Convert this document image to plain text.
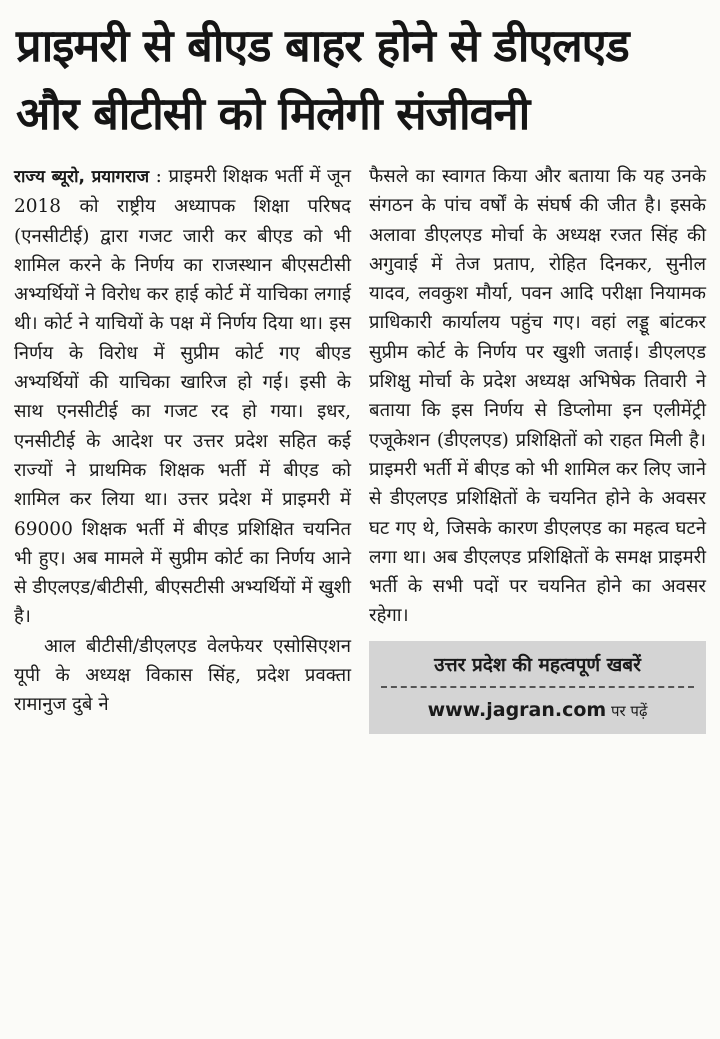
प्राइमरी से बीएड बाहर होने से डीएलएड
और बीटीसी को मिलेगी संजीवनी

राज्य ब्यूरो, प्रयागराज : प्राइमरी शिक्षक भर्ती में जून 2018 को राष्ट्रीय अध्यापक शिक्षा परिषद (एनसीटीई) द्वारा गजट जारी कर बीएड को भी शामिल करने के निर्णय का राजस्थान बीएसटीसी अभ्यर्थियों ने विरोध कर हाई कोर्ट में याचिका लगाई थी। कोर्ट ने याचियों के पक्ष में निर्णय दिया था। इस निर्णय के विरोध में सुप्रीम कोर्ट गए बीएड अभ्यर्थियों की याचिका खारिज हो गई। इसी के साथ एनसीटीई का गजट रद हो गया। इधर, एनसीटीई के आदेश पर उत्तर प्रदेश सहित कई राज्यों ने प्राथमिक शिक्षक भर्ती में बीएड को शामिल कर लिया था। उत्तर प्रदेश में प्राइमरी में 69000 शिक्षक भर्ती में बीएड प्रशिक्षित चयनित भी हुए। अब मामले में सुप्रीम कोर्ट का निर्णय आने से डीएलएड/बीटीसी, बीएसटीसी अभ्यर्थियों में खुशी है।

आल बीटीसी/डीएलएड वेलफेयर एसोसिएशन यूपी के अध्यक्ष विकास सिंह, प्रदेश प्रवक्ता रामानुज दुबे ने

फैसले का स्वागत किया और बताया कि यह उनके संगठन के पांच वर्षों के संघर्ष की जीत है। इसके अलावा डीएलएड मोर्चा के अध्यक्ष रजत सिंह की अगुवाई में तेज प्रताप, रोहित दिनकर, सुनील यादव, लवकुश मौर्या, पवन आदि परीक्षा नियामक प्राधिकारी कार्यालय पहुंच गए। वहां लड्डू बांटकर सुप्रीम कोर्ट के निर्णय पर खुशी जताई। डीएलएड प्रशिक्षु मोर्चा के प्रदेश अध्यक्ष अभिषेक तिवारी ने बताया कि इस निर्णय से डिप्लोमा इन एलीमेंट्री एजूकेशन (डीएलएड) प्रशिक्षितों को राहत मिली है। प्राइमरी भर्ती में बीएड को भी शामिल कर लिए जाने से डीएलएड प्रशिक्षितों के चयनित होने के अवसर घट गए थे, जिसके कारण डीएलएड का महत्व घटने लगा था। अब डीएलएड प्रशिक्षितों के समक्ष प्राइमरी भर्ती के सभी पदों पर चयनित होने का अवसर रहेगा।

उत्तर प्रदेश की महत्वपूर्ण खबरें
www.jagran.com पर पढ़ें
